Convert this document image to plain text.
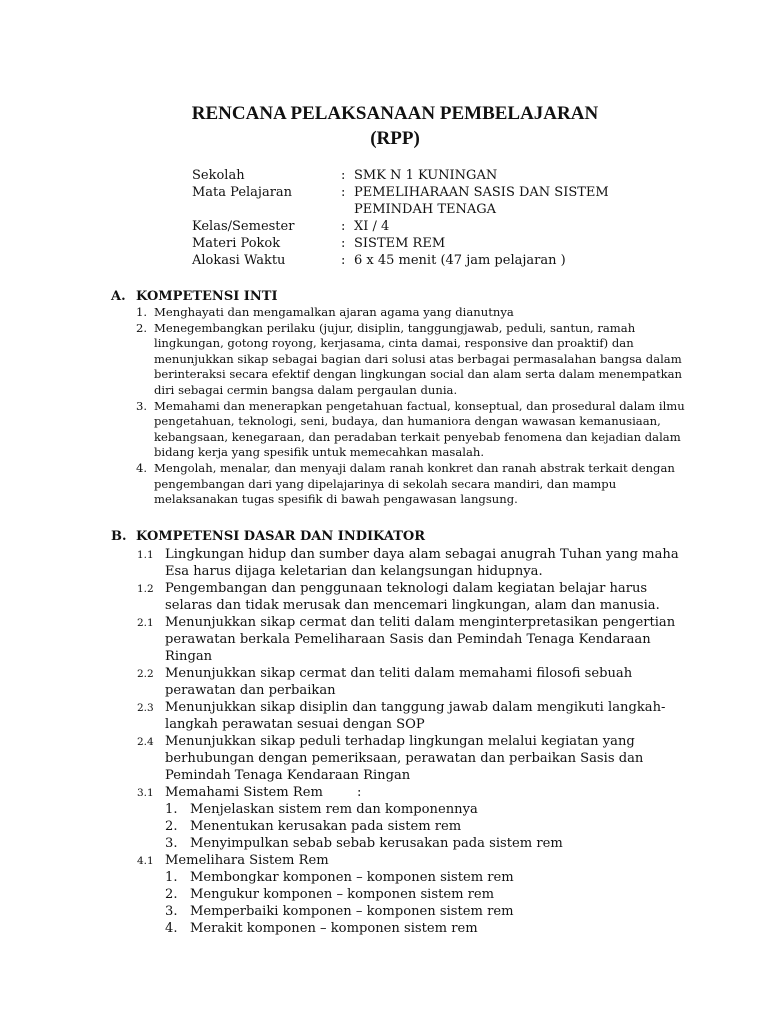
RENCANA PELAKSANAAN PEMBELAJARAN
(RPP)
Sekolah	: SMK N 1 KUNINGAN
Mata Pelajaran	: PEMELIHARAAN SASIS DAN SISTEM PEMINDAH TENAGA
Kelas/Semester	: XI / 4
Materi Pokok	: SISTEM REM
Alokasi Waktu	: 6 x 45 menit (47 jam pelajaran )
A. KOMPETENSI INTI
1. Menghayati dan mengamalkan ajaran agama yang dianutnya
2. Menegembangkan perilaku (jujur, disiplin, tanggungjawab, peduli, santun, ramah lingkungan, gotong royong, kerjasama, cinta damai, responsive dan proaktif) dan menunjukkan sikap sebagai bagian dari solusi atas berbagai permasalahan bangsa dalam berinteraksi secara efektif dengan lingkungan social dan alam serta dalam menempatkan diri sebagai cermin bangsa dalam pergaulan dunia.
3. Memahami dan menerapkan pengetahuan factual, konseptual, dan prosedural dalam ilmu pengetahuan, teknologi, seni, budaya, dan humaniora dengan wawasan kemanusiaan, kebangsaan, kenegaraan, dan peradaban terkait penyebab fenomena dan kejadian dalam bidang kerja yang spesifik untuk memecahkan masalah.
4. Mengolah, menalar, dan menyaji dalam ranah konkret dan ranah abstrak terkait dengan pengembangan dari yang dipelajarinya di sekolah secara mandiri, dan mampu melaksanakan tugas spesifik di bawah pengawasan langsung.
B. KOMPETENSI DASAR DAN INDIKATOR
1.1 Lingkungan hidup dan sumber daya alam sebagai anugrah Tuhan yang maha Esa harus dijaga keletarian dan kelangsungan hidupnya.
1.2 Pengembangan dan penggunaan teknologi dalam kegiatan belajar harus selaras dan tidak merusak dan mencemari lingkungan, alam dan manusia.
2.1 Menunjukkan sikap cermat dan teliti dalam menginterpretasikan pengertian perawatan berkala Pemeliharaan Sasis dan Pemindah Tenaga Kendaraan Ringan
2.2 Menunjukkan sikap cermat dan teliti dalam memahami filosofi sebuah perawatan dan perbaikan
2.3 Menunjukkan sikap disiplin dan tanggung jawab dalam mengikuti langkah-langkah perawatan sesuai dengan SOP
2.4 Menunjukkan sikap peduli terhadap lingkungan melalui kegiatan yang berhubungan dengan pemeriksaan, perawatan dan perbaikan Sasis dan Pemindah Tenaga Kendaraan Ringan
3.1 Memahami Sistem Rem	:
1. Menjelaskan sistem rem dan komponennya
2. Menentukan kerusakan pada sistem rem
3. Menyimpulkan sebab sebab kerusakan pada sistem rem
4.1 Memelihara Sistem Rem
1. Membongkar komponen – komponen sistem rem
2. Mengukur komponen – komponen sistem rem
3. Memperbaiki komponen – komponen sistem rem
4. Merakit komponen – komponen sistem rem
